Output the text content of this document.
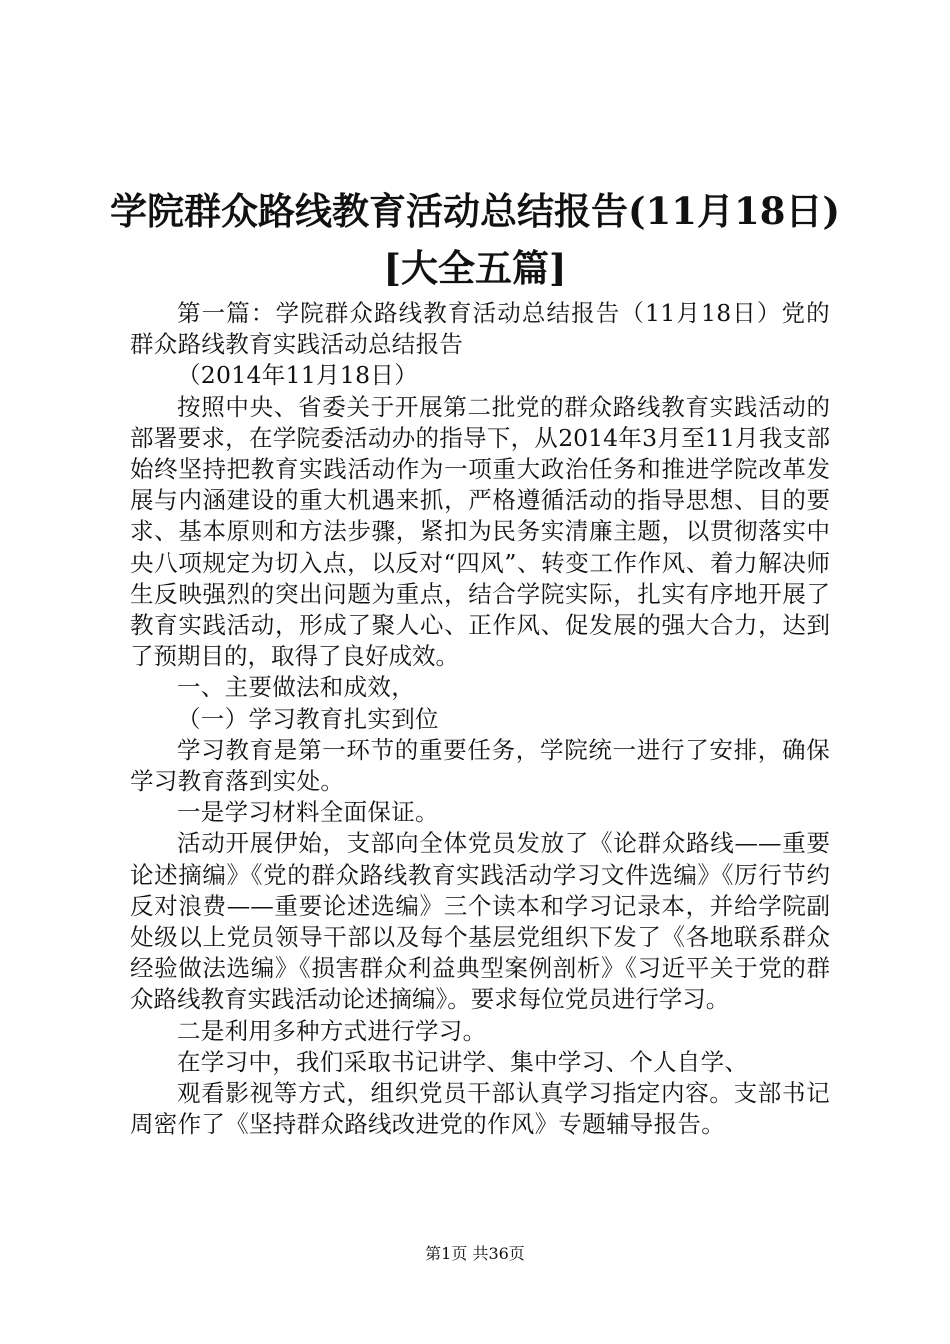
学院群众路线教育活动总结报告(11月18日)
[大全五篇]

第一篇：学院群众路线教育活动总结报告（11月18日）党的群众路线教育实践活动总结报告

（2014年11月18日）

按照中央、省委关于开展第二批党的群众路线教育实践活动的部署要求，在学院委活动办的指导下，从2014年3月至11月我支部始终坚持把教育实践活动作为一项重大政治任务和推进学院改革发展与内涵建设的重大机遇来抓，严格遵循活动的指导思想、目的要求、基本原则和方法步骤，紧扣为民务实清廉主题，以贯彻落实中央八项规定为切入点，以反对“四风”、转变工作作风、着力解决师生反映强烈的突出问题为重点，结合学院实际，扎实有序地开展了教育实践活动，形成了聚人心、正作风、促发展的强大合力，达到了预期目的，取得了良好成效。

一、主要做法和成效，

（一）学习教育扎实到位

学习教育是第一环节的重要任务，学院统一进行了安排，确保学习教育落到实处。

一是学习材料全面保证。

活动开展伊始，支部向全体党员发放了《论群众路线——重要论述摘编》《党的群众路线教育实践活动学习文件选编》《厉行节约反对浪费——重要论述选编》三个读本和学习记录本，并给学院副处级以上党员领导干部以及每个基层党组织下发了《各地联系群众经验做法选编》《损害群众利益典型案例剖析》《习近平关于党的群众路线教育实践活动论述摘编》。要求每位党员进行学习。

二是利用多种方式进行学习。

在学习中，我们采取书记讲学、集中学习、个人自学、

观看影视等方式，组织党员干部认真学习指定内容。支部书记周密作了《坚持群众路线改进党的作风》专题辅导报告。

第1页 共36页
